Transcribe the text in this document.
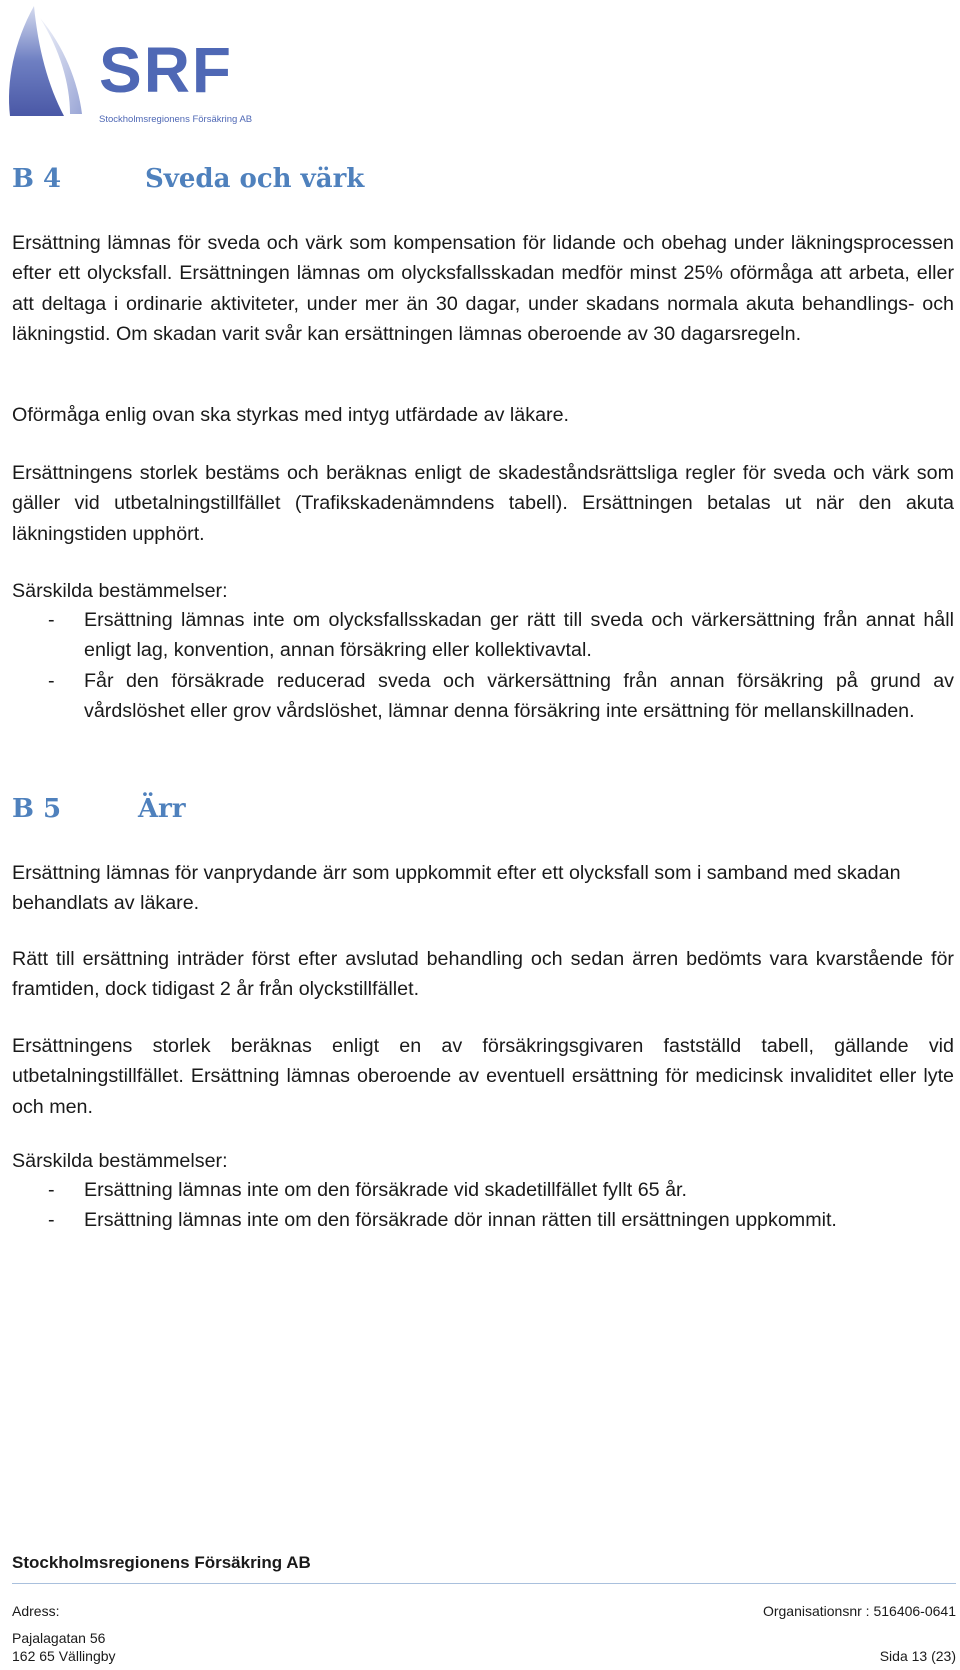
SRF
Stockholmsregionens Försäkring AB
B 4	Sveda och värk

Ersättning lämnas för sveda och värk som kompensation för lidande och obehag under läkningsprocessen efter ett olycksfall. Ersättningen lämnas om olycksfallsskadan medför minst 25% oförmåga att arbeta, eller att deltaga i ordinarie aktiviteter, under mer än 30 dagar, under skadans normala akuta behandlings- och läkningstid. Om skadan varit svår kan ersättningen lämnas oberoende av 30 dagarsregeln.

Oförmåga enlig ovan ska styrkas med intyg utfärdade av läkare.

Ersättningens storlek bestäms och beräknas enligt de skadeståndsrättsliga regler för sveda och värk som gäller vid utbetalningstillfället (Trafikskadenämndens tabell). Ersättningen betalas ut när den akuta läkningstiden upphört.

Särskilda bestämmelser:

- Ersättning lämnas inte om olycksfallsskadan ger rätt till sveda och värkersättning från annat håll enligt lag, konvention, annan försäkring eller kollektivavtal.
- Får den försäkrade reducerad sveda och värkersättning från annan försäkring på grund av vårdslöshet eller grov vårdslöshet, lämnar denna försäkring inte ersättning för mellanskillnaden.
B 5	Ärr

Ersättning lämnas för vanprydande ärr som uppkommit efter ett olycksfall som i samband med skadan behandlats av läkare.

Rätt till ersättning inträder först efter avslutad behandling och sedan ärren bedömts vara kvarstående för framtiden, dock tidigast 2 år från olyckstillfället.

Ersättningens storlek beräknas enligt en av försäkringsgivaren fastställd tabell, gällande vid utbetalningstillfället. Ersättning lämnas oberoende av eventuell ersättning för medicinsk invaliditet eller lyte och men.

Särskilda bestämmelser:

- Ersättning lämnas inte om den försäkrade vid skadetillfället fyllt 65 år.
- Ersättning lämnas inte om den försäkrade dör innan rätten till ersättningen uppkommit.
Stockholmsregionens Försäkring AB
Adress:
Pajalagatan 56
162 65 Vällingby
Organisationsnr : 516406-0641
Sida 13 (23)
